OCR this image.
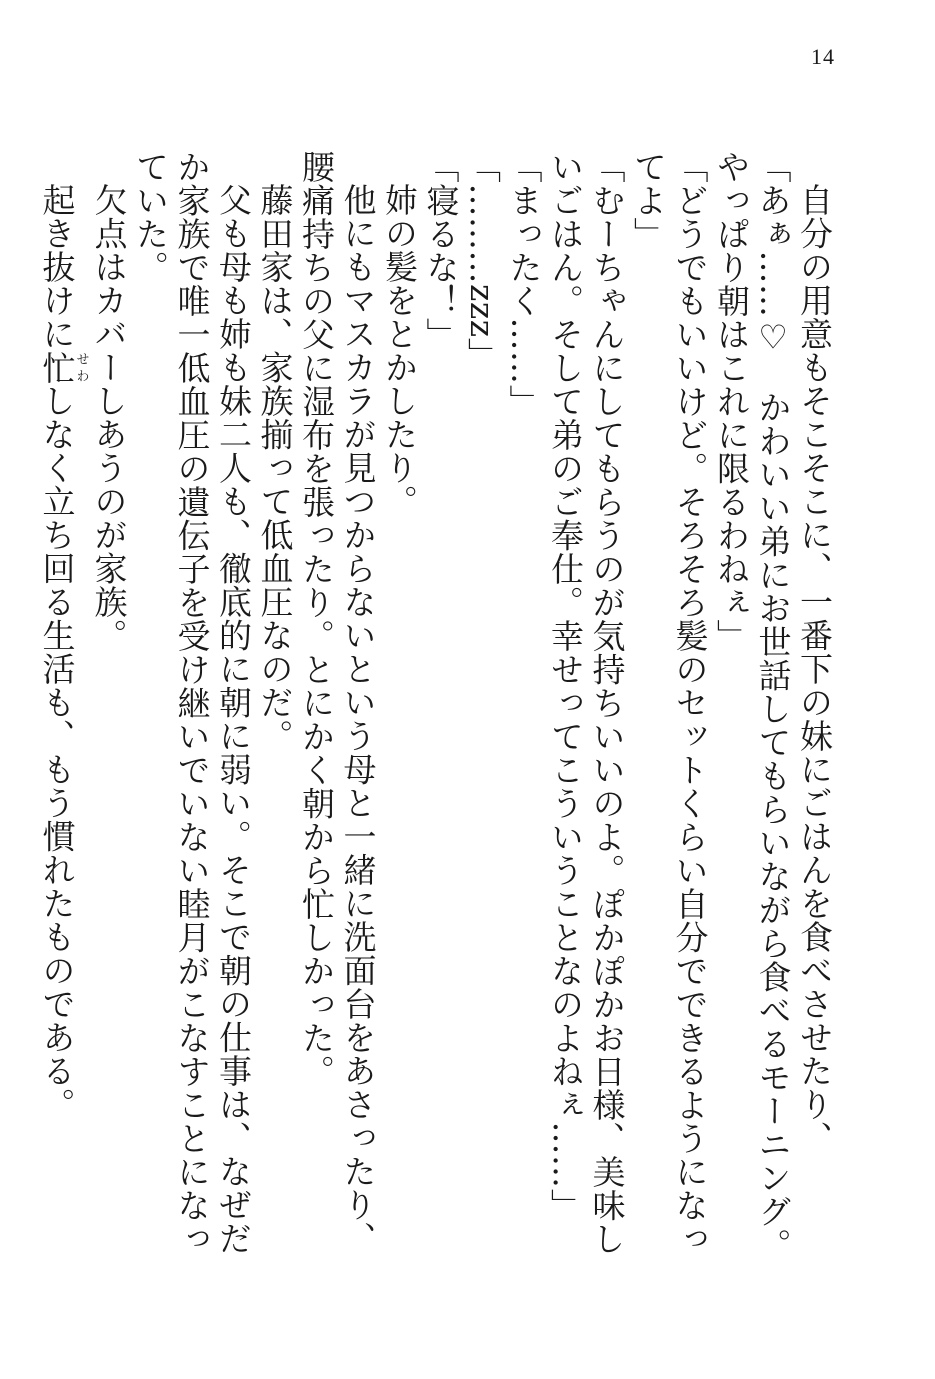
14

自分の用意もそこそこに、一番下の妹にごはんを食べさせたり、

「あぁ……♡　かわいい弟にお世話してもらいながら食べるモーニング。やっぱり朝はこれに限るわねぇ」

「どうでもいいけど。そろそろ髪のセットくらい自分でできるようになってよ」

「むーちゃんにしてもらうのが気持ちいいのよ。ぽかぽかお日様、美味しいごはん。そして弟のご奉仕。幸せってこういうことなのよねぇ……」

「まったく……」

「………zzz」

「寝るな！」

姉の髪をとかしたり。

他にもマスカラが見つからないという母と一緒に洗面台をあさったり、腰痛持ちの父に湿布を張ったり。とにかく朝から忙しかった。

藤田家は、家族揃って低血圧なのだ。

父も母も姉も妹二人も、徹底的に朝に弱い。そこで朝の仕事は、なぜだか家族で唯一低血圧の遺伝子を受け継いでいない睦月がこなすことになっていた。

欠点はカバーしあうのが家族。

起き抜けに忙せわしなく立ち回る生活も、もう慣れたものである。
